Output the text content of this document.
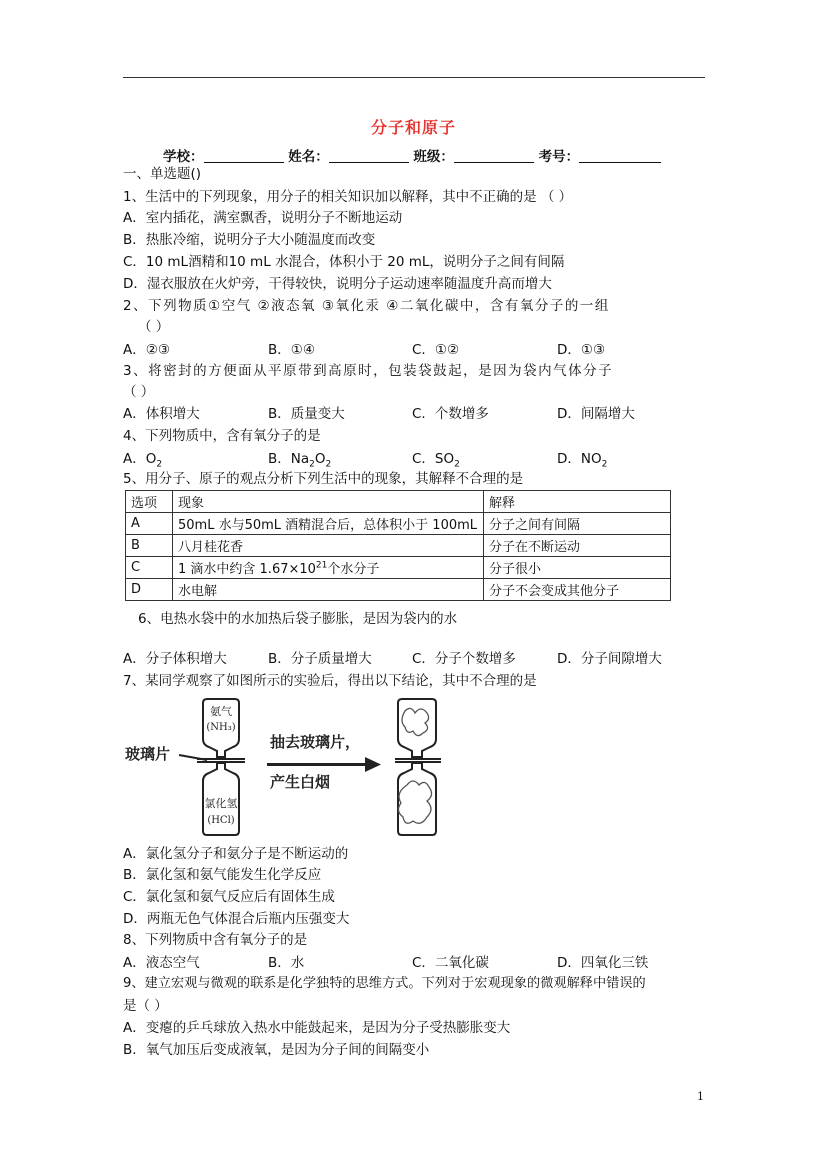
分子和原子
学校：	姓名：	班级：	考号：
一、单选题()
1、生活中的下列现象，用分子的相关知识加以解释，其中不正确的是 （ ）
A．室内插花，满室飘香，说明分子不断地运动
B．热胀冷缩，说明分子大小随温度而改变
C．10 mL酒精和10 mL 水混合，体积小于 20 mL，说明分子之间有间隔
D．湿衣服放在火炉旁，干得较快，说明分子运动速率随温度升高而增大
2、下列物质①空气 ②液态氧 ③氧化汞 ④二氧化碳中，含有氧分子的一组
（ ）
A．②③	B．①④	C．①②	D．①③
3、将密封的方便面从平原带到高原时，包装袋鼓起，是因为袋内气体分子
（ ）
A．体积增大	B．质量变大	C．个数增多	D．间隔增大
4、下列物质中，含有氧分子的是
A．$O_2$	B．$Na_2O_2$	C．$SO_2$	D．$NO_2$
5、用分子、原子的观点分析下列生活中的现象，其解释不合理的是
选项	现象	解释
A	50mL 水与50mL 酒精混合后，总体积小于 100mL	分子之间有间隔
B	八月桂花香	分子在不断运动
C	1 滴水中约含 $1.67\times 10^{21}$个水分子	分子很小
D	水电解	分子不会变成其他分子
6、电热水袋中的水加热后袋子膨胀，是因为袋内的水
A．分子体积增大	B．分子质量增大	C．分子个数增多	D．分子间隙增大
7、某同学观察了如图所示的实验后，得出以下结论，其中不合理的是
氨气
(NH₃)
玻璃片
抽去玻璃片，
产生白烟
氯化氢
(HCl)
A．氯化氢分子和氨分子是不断运动的
B．氯化氢和氨气能发生化学反应
C．氯化氢和氨气反应后有固体生成
D．两瓶无色气体混合后瓶内压强变大
8、下列物质中含有氧分子的是
A．液态空气	B．水	C．二氧化碳	D．四氧化三铁
9、建立宏观与微观的联系是化学独特的思维方式。下列对于宏观现象的微观解释中错误的
是（ ）
A．变瘪的乒乓球放入热水中能鼓起来，是因为分子受热膨胀变大
B．氧气加压后变成液氧，是因为分子间的间隔变小
1
